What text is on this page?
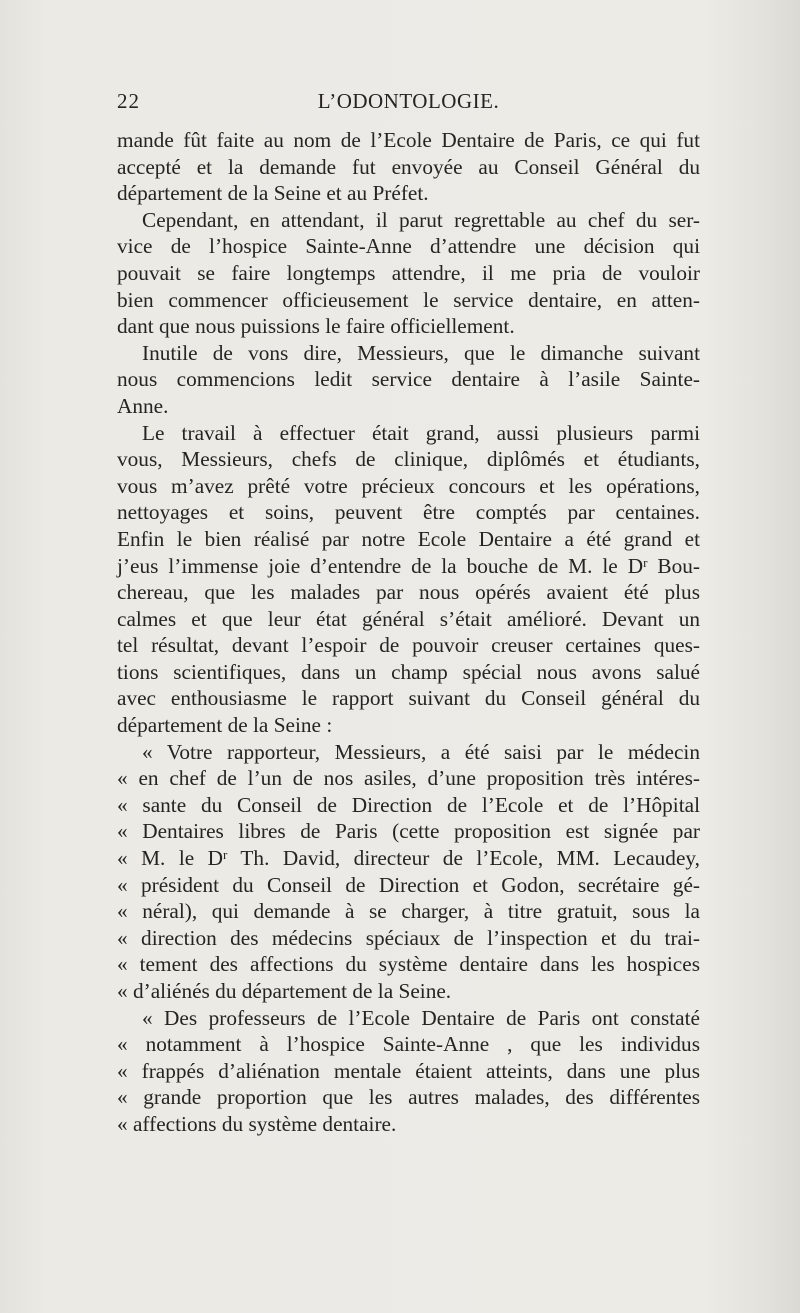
22	L’ODONTOLOGIE.
mande fût faite au nom de l’Ecole Dentaire de Paris, ce qui fut
accepté et la demande fut envoyée au Conseil Général du
département de la Seine et au Préfet.
Cependant, en attendant, il parut regrettable au chef du ser-
vice de l’hospice Sainte-Anne d’attendre une décision qui
pouvait se faire longtemps attendre, il me pria de vouloir
bien commencer officieusement le service dentaire, en atten-
dant que nous puissions le faire officiellement.
Inutile de vons dire, Messieurs, que le dimanche suivant
nous commencions ledit service dentaire à l’asile Sainte-
Anne.
Le travail à effectuer était grand, aussi plusieurs parmi
vous, Messieurs, chefs de clinique, diplômés et étudiants,
vous m’avez prêté votre précieux concours et les opérations,
nettoyages et soins, peuvent être comptés par centaines.
Enfin le bien réalisé par notre Ecole Dentaire a été grand et
j’eus l’immense joie d’entendre de la bouche de M. le $D^r$ Bou-
chereau, que les malades par nous opérés avaient été plus
calmes et que leur état général s’était amélioré. Devant un
tel résultat, devant l’espoir de pouvoir creuser certaines ques-
tions scientifiques, dans un champ spécial nous avons salué
avec enthousiasme le rapport suivant du Conseil général du
département de la Seine :
« Votre rapporteur, Messieurs, a été saisi par le médecin
« en chef de l’un de nos asiles, d’une proposition très intéres-
« sante du Conseil de Direction de l’Ecole et de l’Hôpital
« Dentaires libres de Paris (cette proposition est signée par
« M. le $D^r$ Th. David, directeur de l’Ecole, MM. Lecaudey,
« président du Conseil de Direction et Godon, secrétaire gé-
« néral), qui demande à se charger, à titre gratuit, sous la
« direction des médecins spéciaux de l’inspection et du trai-
« tement des affections du système dentaire dans les hospices
« d’aliénés du département de la Seine.
« Des professeurs de l’Ecole Dentaire de Paris ont constaté
« notamment à l’hospice Sainte-Anne , que les individus
« frappés d’aliénation mentale étaient atteints, dans une plus
« grande proportion que les autres malades, des différentes
« affections du système dentaire.
